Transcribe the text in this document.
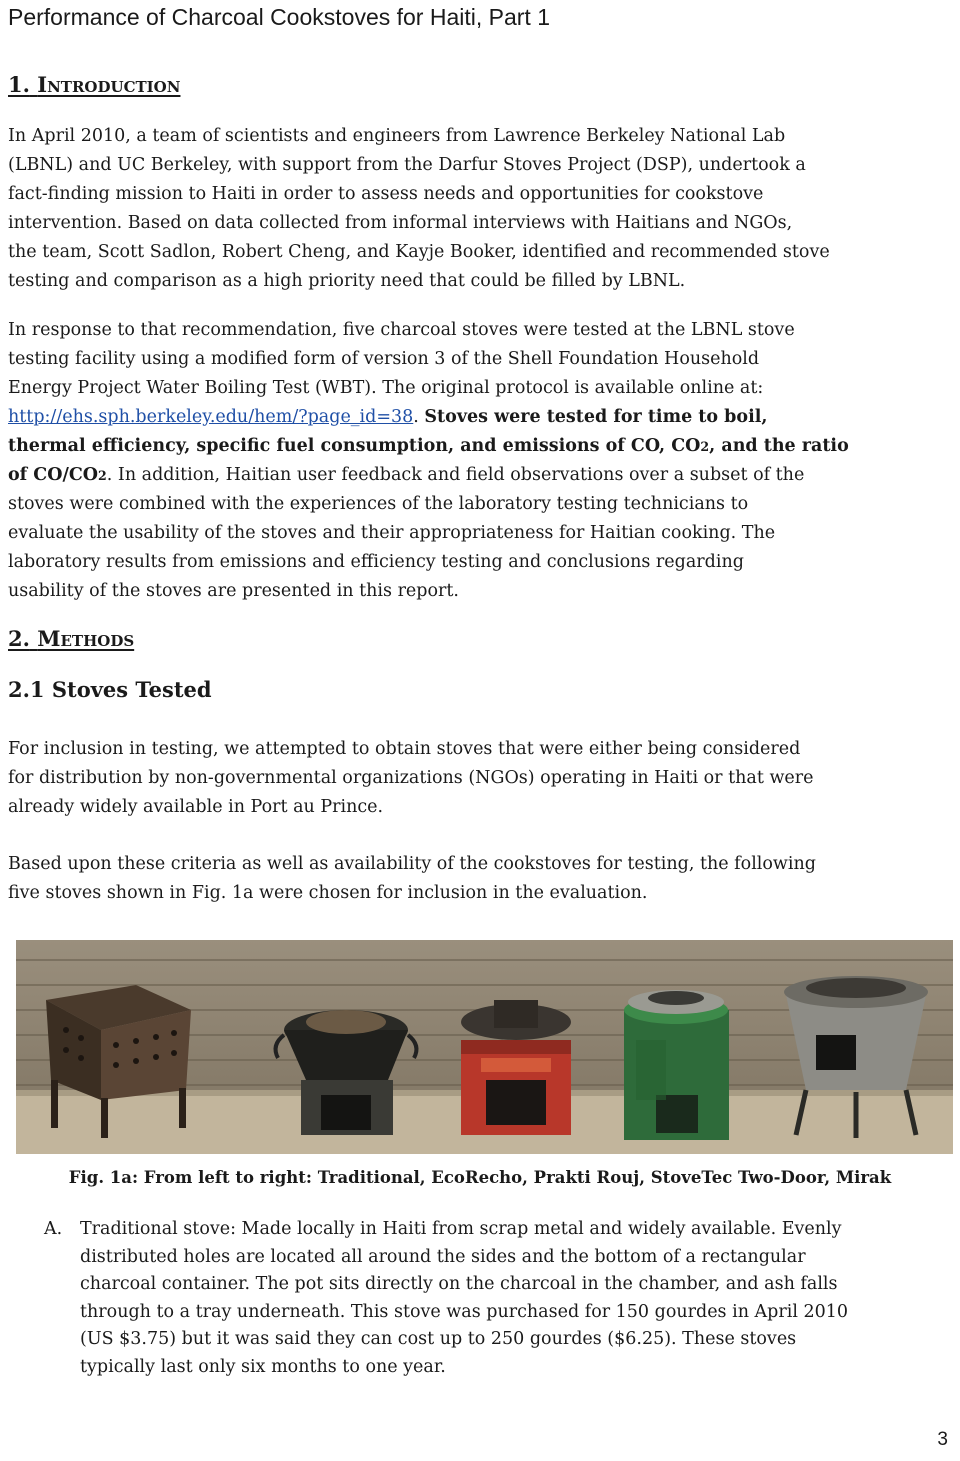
Performance of Charcoal Cookstoves for Haiti, Part 1
1. Introduction
In April 2010, a team of scientists and engineers from Lawrence Berkeley National Lab
(LBNL) and UC Berkeley, with support from the Darfur Stoves Project (DSP), undertook a
fact-finding mission to Haiti in order to assess needs and opportunities for cookstove
intervention. Based on data collected from informal interviews with Haitians and NGOs,
the team, Scott Sadlon, Robert Cheng, and Kayje Booker, identified and recommended stove
testing and comparison as a high priority need that could be filled by LBNL.
In response to that recommendation, five charcoal stoves were tested at the LBNL stove
testing facility using a modified form of version 3 of the Shell Foundation Household
Energy Project Water Boiling Test (WBT). The original protocol is available online at:
http://ehs.sph.berkeley.edu/hem/?page_id=38. Stoves were tested for time to boil,
thermal efficiency, specific fuel consumption, and emissions of CO, CO2, and the ratio
of CO/CO2. In addition, Haitian user feedback and field observations over a subset of the
stoves were combined with the experiences of the laboratory testing technicians to
evaluate the usability of the stoves and their appropriateness for Haitian cooking. The
laboratory results from emissions and efficiency testing and conclusions regarding
usability of the stoves are presented in this report.
2. Methods
2.1 Stoves Tested
For inclusion in testing, we attempted to obtain stoves that were either being considered
for distribution by non-governmental organizations (NGOs) operating in Haiti or that were
already widely available in Port au Prince.
Based upon these criteria as well as availability of the cookstoves for testing, the following
five stoves shown in Fig. 1a were chosen for inclusion in the evaluation.
Fig. 1a: From left to right: Traditional, EcoRecho, Prakti Rouj, StoveTec Two-Door, Mirak
A. Traditional stove: Made locally in Haiti from scrap metal and widely available. Evenly
distributed holes are located all around the sides and the bottom of a rectangular
charcoal container. The pot sits directly on the charcoal in the chamber, and ash falls
through to a tray underneath. This stove was purchased for 150 gourdes in April 2010
(US $3.75) but it was said they can cost up to 250 gourdes ($6.25). These stoves
typically last only six months to one year.
3
